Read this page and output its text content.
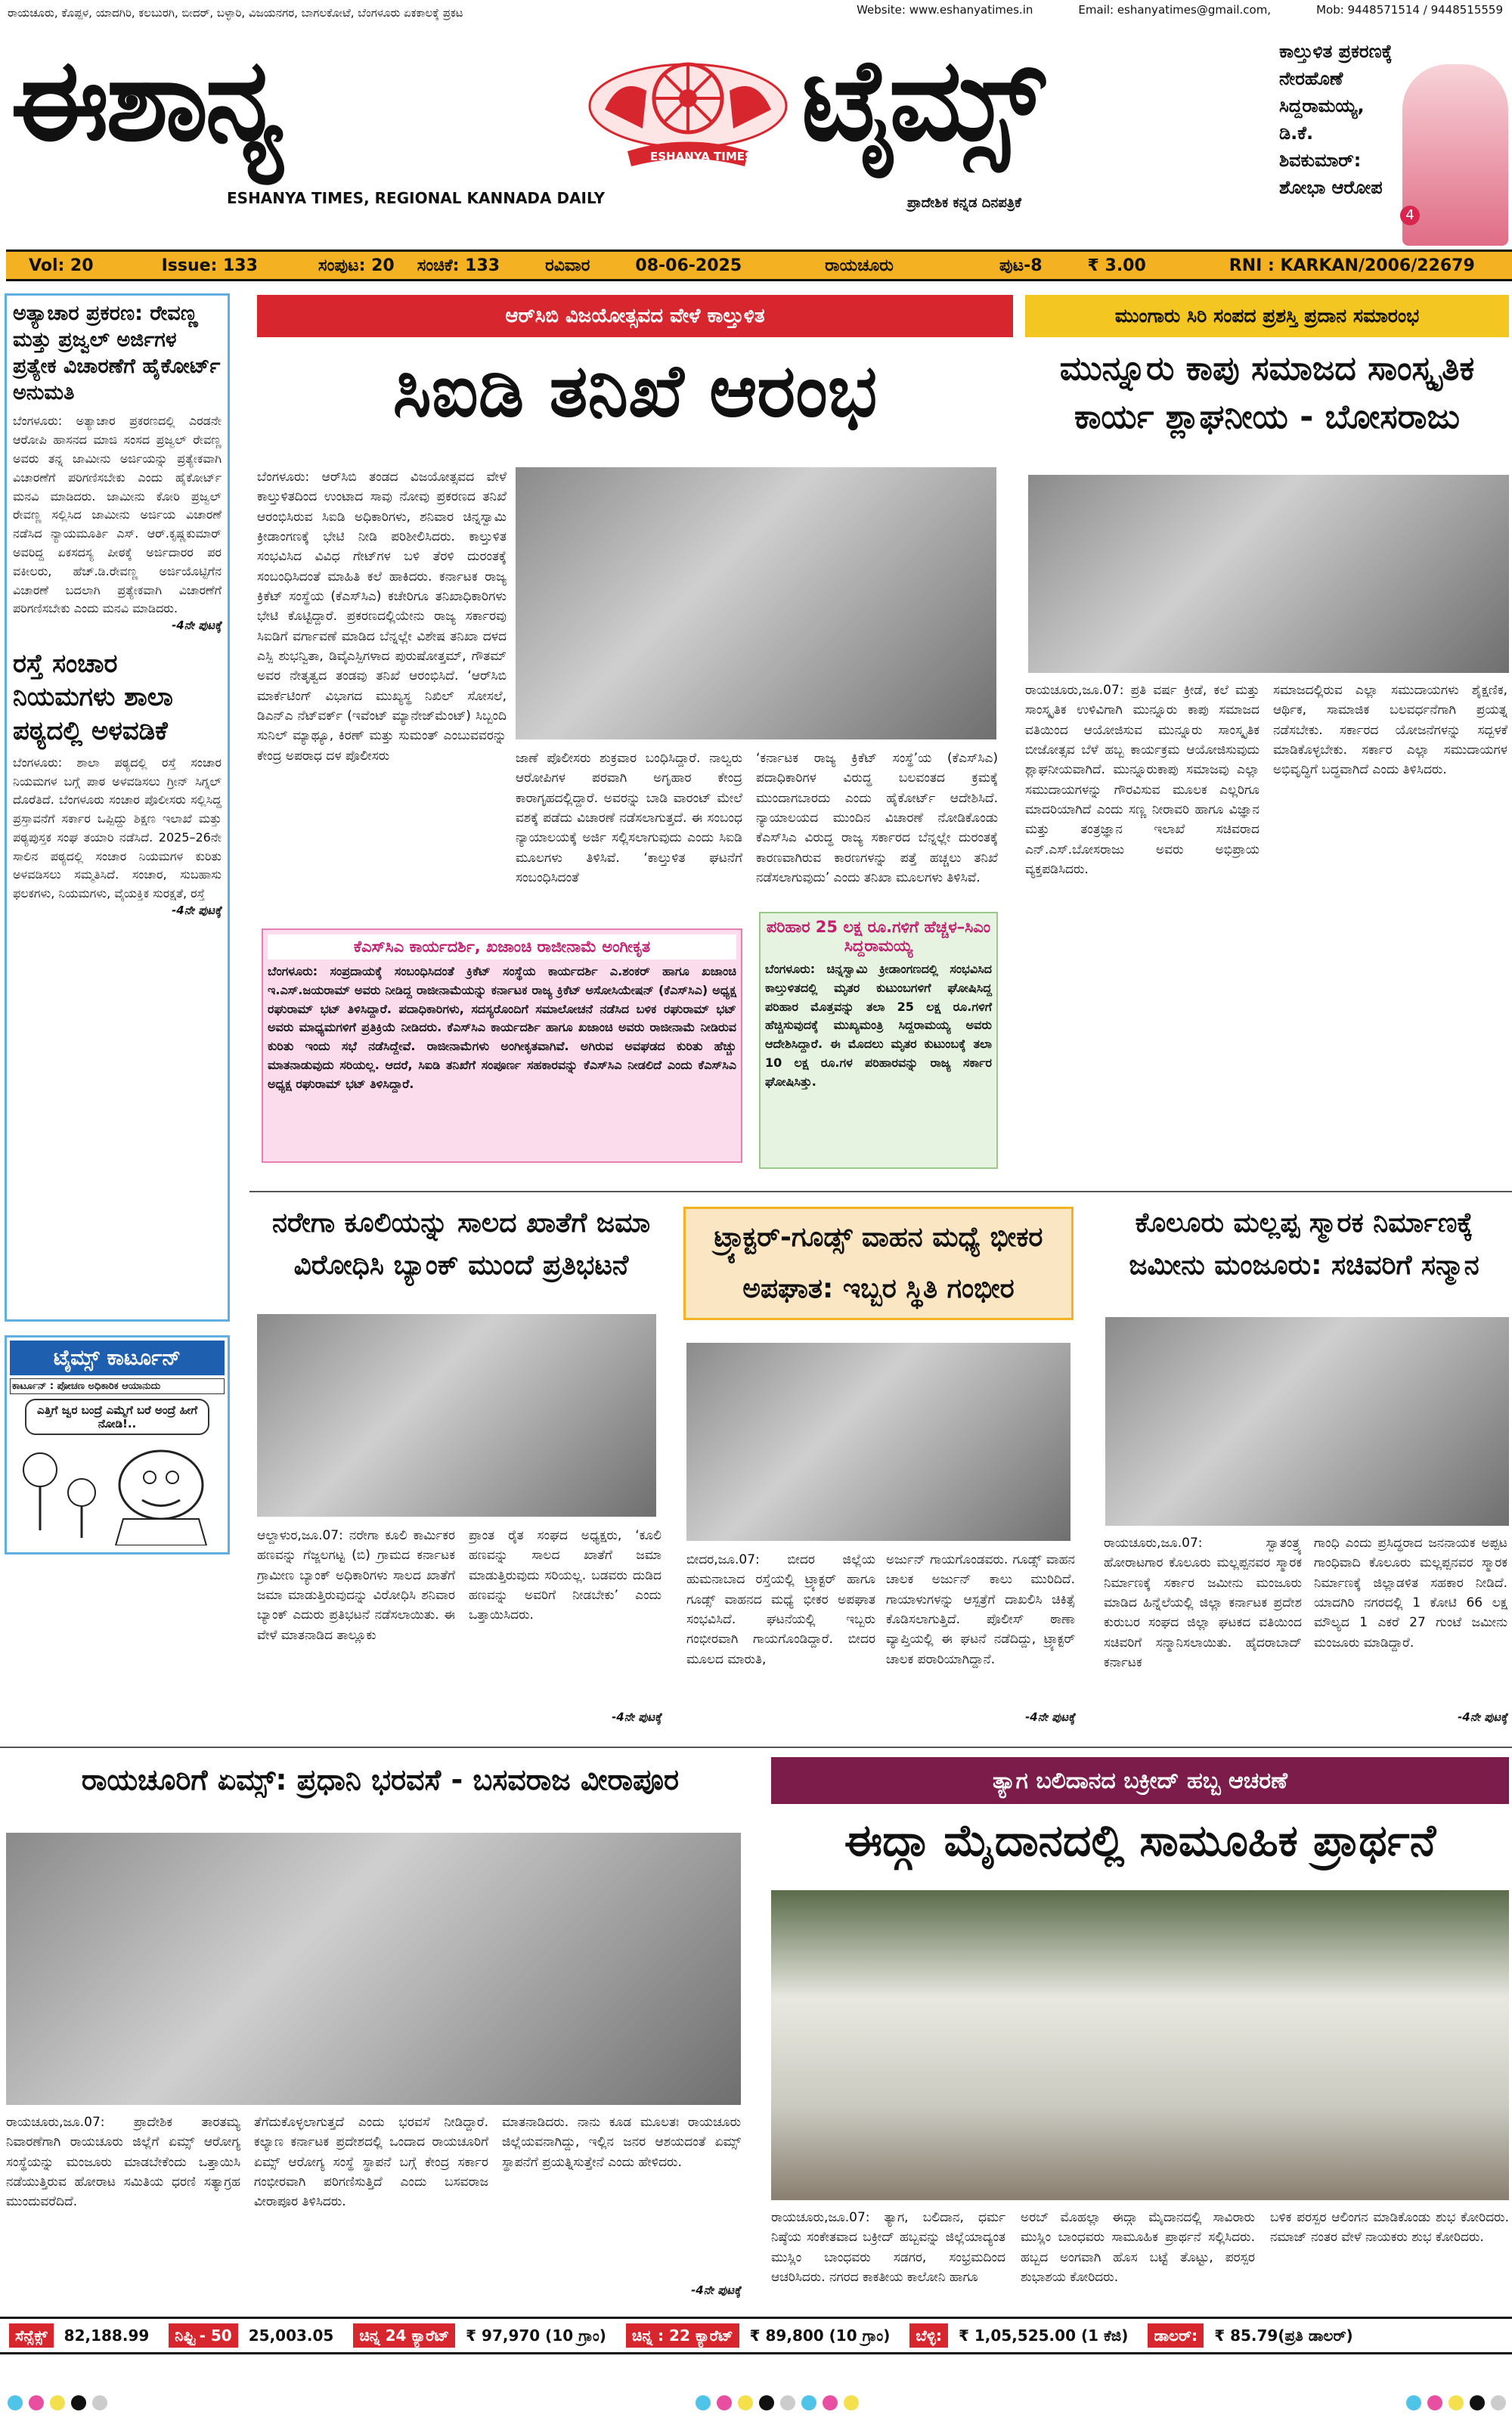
ರಾಯಚೂರು, ಕೊಪ್ಪಳ, ಯಾದಗಿರಿ, ಕಲಬುರಗಿ, ಬೀದರ್, ಬಳ್ಳಾರಿ, ವಿಜಯನಗರ, ಬಾಗಲಕೋಟೆ, ಬೆಂಗಳೂರು ಏಕಕಾಲಕ್ಕೆ ಪ್ರಕಟ	Website: www.eshanyatimes.in	Email: eshanyatimes@gmail.com,	Mob: 9448571514 / 9448515559
ಈಶಾನ್ಯ	ESHANYA TIMES ಟೈಮ್ಸ್
ESHANYA TIMES, REGIONAL KANNADA DAILY	ಪ್ರಾದೇಶಿಕ ಕನ್ನಡ ದಿನಪತ್ರಿಕೆ
ಕಾಲ್ತುಳಿತ ಪ್ರಕರಣಕ್ಕೆ ನೇರಹೊಣೆ ಸಿದ್ದರಾಮಯ್ಯ, ಡಿ.ಕೆ. ಶಿವಕುಮಾರ್: ಶೋಭಾ ಆರೋಪ
4
Vol: 20	Issue: 133	ಸಂಪುಟ: 20 ಸಂಚಿಕೆ: 133	ರವಿವಾರ	08-06-2025	ರಾಯಚೂರು	ಪುಟ-8	₹ 3.00	RNI : KARKAN/2006/22679
ಅತ್ಯಾಚಾರ ಪ್ರಕರಣ: ರೇವಣ್ಣ ಮತ್ತು ಪ್ರಜ್ವಲ್ ಅರ್ಜಿಗಳ ಪ್ರತ್ಯೇಕ ವಿಚಾರಣೆಗೆ ಹೈಕೋರ್ಟ್ ಅನುಮತಿ
ಬೆಂಗಳೂರು: ಅತ್ಯಾಚಾರ ಪ್ರಕರಣದಲ್ಲಿ ಎರಡನೇ ಆರೋಪಿ ಹಾಸನದ ಮಾಜಿ ಸಂಸದ ಪ್ರಜ್ವಲ್ ರೇವಣ್ಣ ಅವರು ತನ್ನ ಜಾಮೀನು ಅರ್ಜಿಯನ್ನು ಪ್ರತ್ಯೇಕವಾಗಿ ವಿಚಾರಣೆಗೆ ಪರಿಗಣಿಸಬೇಕು ಎಂದು ಹೈಕೋರ್ಟ್ ಮನವಿ ಮಾಡಿದರು. ಜಾಮೀನು ಕೋರಿ ಪ್ರಜ್ವಲ್ ರೇವಣ್ಣ ಸಲ್ಲಿಸಿದ ಜಾಮೀನು ಅರ್ಜಿಯ ವಿಚಾರಣೆ ನಡೆಸಿದ ನ್ಯಾಯಮೂರ್ತಿ ಎಸ್. ಆರ್.ಕೃಷ್ಣಕುಮಾರ್ ಅವರಿದ್ದ ಏಕಸದಸ್ಯ ಪೀಠಕ್ಕೆ ಅರ್ಜಿದಾರರ ಪರ ವಕೀಲರು, ಹೆಚ್.ಡಿ.ರೇವಣ್ಣ ಅರ್ಜಿಯೊಟ್ಟಿಗೆನ ವಿಚಾರಣೆ ಬದಲಾಗಿ ಪ್ರತ್ಯೇಕವಾಗಿ ವಿಚಾರಣೆಗೆ ಪರಿಗಣಿಸಬೇಕು ಎಂದು ಮನವಿ ಮಾಡಿದರು.
-4ನೇ ಪುಟಕ್ಕೆ
ರಸ್ತೆ ಸಂಚಾರ ನಿಯಮಗಳು ಶಾಲಾ ಪಠ್ಯದಲ್ಲಿ ಅಳವಡಿಕೆ
ಬೆಂಗಳೂರು: ಶಾಲಾ ಪಠ್ಯದಲ್ಲಿ ರಸ್ತೆ ಸಂಚಾರ ನಿಯಮಗಳ ಬಗ್ಗೆ ಪಾಠ ಅಳವಡಿಸಲು ಗ್ರೀನ್ ಸಿಗ್ನಲ್ ದೊರೆತಿದೆ. ಬೆಂಗಳೂರು ಸಂಚಾರ ಪೊಲೀಸರು ಸಲ್ಲಿಸಿದ್ದ ಪ್ರಸ್ತಾವನೆಗೆ ಸರ್ಕಾರ ಒಪ್ಪಿದ್ದು ಶಿಕ್ಷಣ ಇಲಾಖೆ ಮತ್ತು ಪಠ್ಯಪುಸ್ತಕ ಸಂಘ ತಯಾರಿ ನಡೆಸಿದೆ. 2025–26ನೇ ಸಾಲಿನ ಪಠ್ಯದಲ್ಲಿ ಸಂಚಾರ ನಿಯಮಗಳ ಕುರಿತು ಅಳವಡಿಸಲು ಸಮ್ಮತಿಸಿದೆ. ಸಂಚಾರ, ಸುಬಹಾಸು ಫಲಕಗಳು, ನಿಯಮಗಳು, ವೈಯಕ್ತಿಕ ಸುರಕ್ಷತೆ, ರಸ್ತೆ
-4ನೇ ಪುಟಕ್ಕೆ
ಟೈಮ್ಸ್ ಕಾರ್ಟೂನ್
ಕಾರ್ಟೂನ್ : ಪೋಚಣ ಅಧಿಕಾರಿಕ ಆಯಾನುದು
ಎತ್ತಿಗೆ ಜ್ವರ ಬಂದ್ರೆ ಎಮ್ಮೆಗೆ ಬರೆ ಅಂದ್ರೆ ಹೀಗೆ ನೋಡಿ!..
ಆರ್‌ಸಿಬಿ ವಿಜಯೋತ್ಸವದ ವೇಳೆ ಕಾಲ್ತುಳಿತ
ಸಿಐಡಿ ತನಿಖೆ ಆರಂಭ
ಬೆಂಗಳೂರು: ಆರ್‌ಸಿಬಿ ತಂಡದ ವಿಜಯೋತ್ಸವದ ವೇಳೆ ಕಾಲ್ತುಳಿತದಿಂದ ಉಂಟಾದ ಸಾವು ನೋವು ಪ್ರಕರಣದ ತನಿಖೆ ಆರಂಭಿಸಿರುವ ಸಿಐಡಿ ಅಧಿಕಾರಿಗಳು, ಶನಿವಾರ ಚಿನ್ನಸ್ವಾಮಿ ಕ್ರೀಡಾಂಗಣಕ್ಕೆ ಭೇಟಿ ನೀಡಿ ಪರಿಶೀಲಿಸಿದರು. ಕಾಲ್ತುಳಿತ ಸಂಭವಿಸಿದ ವಿವಿಧ ಗೇಟ್‌ಗಳ ಬಳಿ ತೆರಳಿ ದುರಂತಕ್ಕೆ ಸಂಬಂಧಿಸಿದಂತೆ ಮಾಹಿತಿ ಕಲೆ ಹಾಕಿದರು. ಕರ್ನಾಟಕ ರಾಜ್ಯ ಕ್ರಿಕೆಟ್ ಸಂಸ್ಥೆಯ (ಕೆಎಸ್‌ಸಿಎ) ಕಚೇರಿಗೂ ತನಿಖಾಧಿಕಾರಿಗಳು ಭೇಟಿ ಕೊಟ್ಟಿದ್ದಾರೆ. ಪ್ರಕರಣದಲ್ಲಿಯೇನು ರಾಜ್ಯ ಸರ್ಕಾರವು ಸಿಐಡಿಗೆ ವರ್ಗಾವಣೆ ಮಾಡಿದ ಬೆನ್ನಲ್ಲೇ ವಿಶೇಷ ತನಿಖಾ ದಳದ ಎಸ್ಪಿ ಶುಭನ್ವಿತಾ, ಡಿವೈಎಸ್ಪಿಗಳಾದ ಪುರುಷೋತ್ತಮ್, ಗೌತಮ್ ಅವರ ನೇತೃತ್ವದ ತಂಡವು ತನಿಖೆ ಆರಂಭಿಸಿದೆ. ‘ಆರ್‌ಸಿಬಿ ಮಾರ್ಕೆಟಿಂಗ್ ವಿಭಾಗದ ಮುಖ್ಯಸ್ಥ ನಿಖಿಲ್ ಸೋಸಲೆ, ಡಿಎನ್ಎ ನೆಟ್‌ವರ್ಕ್ (ಇವೆಂಟ್ ಮ್ಯಾನೇಜ್‌ಮೆಂಟ್) ಸಿಬ್ಬಂದಿ ಸುನಿಲ್ ಮ್ಯಾಥ್ಯೂ, ಕಿರಣ್ ಮತ್ತು ಸುಮಂತ್ ಎಂಬುವವರನ್ನು ಕೇಂದ್ರ ಅಪರಾಧ ದಳ ಪೊಲೀಸರು	ಜಾಣೆ ಪೊಲೀಸರು ಶುಕ್ರವಾರ ಬಂಧಿಸಿದ್ದಾರೆ. ನಾಲ್ವರು ಆರೋಪಿಗಳ ಪರವಾಗಿ ಅಗೃಹಾರ ಕೇಂದ್ರ ಕಾರಾಗೃಹದಲ್ಲಿದ್ದಾರೆ. ಅವರನ್ನು ಬಾಡಿ ವಾರಂಟ್ ಮೇಲೆ ವಶಕ್ಕೆ ಪಡೆದು ವಿಚಾರಣೆ ನಡೆಸಲಾಗುತ್ತದೆ. ಈ ಸಂಬಂಧ ನ್ಯಾಯಾಲಯಕ್ಕೆ ಅರ್ಜಿ ಸಲ್ಲಿಸಲಾಗುವುದು ಎಂದು ಸಿಐಡಿ ಮೂಲಗಳು ತಿಳಿಸಿವೆ. ‘ಕಾಲ್ತುಳಿತ ಘಟನೆಗೆ ಸಂಬಂಧಿಸಿದಂತೆ
‘ಕರ್ನಾಟಕ ರಾಜ್ಯ ಕ್ರಿಕೆಟ್ ಸಂಸ್ಥೆ’ಯ (ಕೆಎಸ್‌ಸಿಎ) ಪದಾಧಿಕಾರಿಗಳ ವಿರುದ್ಧ ಬಲವಂತದ ಕ್ರಮಕ್ಕೆ ಮುಂದಾಗಬಾರದು ಎಂದು ಹೈಕೋರ್ಟ್ ಆದೇಶಿಸಿದೆ. ನ್ಯಾಯಾಲಯದ ಮುಂದಿನ ವಿಚಾರಣೆ ನೋಡಿಕೊಂಡು ಕೆಎಸ್‌ಸಿಎ ವಿರುದ್ಧ ರಾಜ್ಯ ಸರ್ಕಾರದ ಬೆನ್ನಲ್ಲೇ ದುರಂತಕ್ಕೆ ಕಾರಣವಾಗಿರುವ ಕಾರಣಗಳನ್ನು ಪತ್ತೆ ಹಚ್ಚಲು ತನಿಖೆ ನಡೆಸಲಾಗುವುದು’ ಎಂದು ತನಿಖಾ ಮೂಲಗಳು ತಿಳಿಸಿವೆ.
ಕೆಎಸ್‌ಸಿಎ ಕಾರ್ಯದರ್ಶಿ, ಖಜಾಂಚಿ ರಾಜೀನಾಮೆ ಅಂಗೀಕೃತ
ಬೆಂಗಳೂರು: ಸಂಪ್ರದಾಯಕ್ಕೆ ಸಂಬಂಧಿಸಿದಂತೆ ಕ್ರಿಕೆಟ್ ಸಂಸ್ಥೆಯ ಕಾರ್ಯದರ್ಶಿ ಎ.ಶಂಕರ್ ಹಾಗೂ ಖಜಾಂಚಿ ಇ.ಎಸ್.ಜಯರಾಮ್ ಅವರು ನೀಡಿದ್ದ ರಾಜೀನಾಮೆಯನ್ನು ಕರ್ನಾಟಕ ರಾಜ್ಯ ಕ್ರಿಕೆಟ್ ಅಸೋಸಿಯೇಷನ್ (ಕೆಎಸ್‌ಸಿಎ) ಅಧ್ಯಕ್ಷ ರಘುರಾಮ್ ಭಟ್ ತಿಳಿಸಿದ್ದಾರೆ. ಪದಾಧಿಕಾರಿಗಳು, ಸದಸ್ಯರೊಂದಿಗೆ ಸಮಾಲೋಚನೆ ನಡೆಸಿದ ಬಳಿಕ ರಘುರಾಮ್ ಭಟ್ ಅವರು ಮಾಧ್ಯಮಗಳಿಗೆ ಪ್ರತಿಕ್ರಿಯೆ ನೀಡಿದರು. ಕೆಎಸ್‌ಸಿಎ ಕಾರ್ಯದರ್ಶಿ ಹಾಗೂ ಖಜಾಂಚಿ ಅವರು ರಾಜೀನಾಮೆ ನೀಡಿರುವ ಕುರಿತು ಇಂದು ಸಭೆ ನಡೆಸಿದ್ದೇವೆ. ರಾಜೀನಾಮೆಗಳು ಅಂಗೀಕೃತವಾಗಿವೆ. ಅಗಿರುವ ಅವಘಡದ ಕುರಿತು ಹೆಚ್ಚು ಮಾತನಾಡುವುದು ಸರಿಯಲ್ಲ. ಆದರೆ, ಸಿಐಡಿ ತನಿಖೆಗೆ ಸಂಪೂರ್ಣ ಸಹಕಾರವನ್ನು ಕೆಎಸ್‌ಸಿಎ ನೀಡಲಿದೆ ಎಂದು ಕೆಎಸ್‌ಸಿಎ ಅಧ್ಯಕ್ಷ ರಘುರಾಮ್ ಭಟ್ ತಿಳಿಸಿದ್ದಾರೆ.
ಪರಿಹಾರ 25 ಲಕ್ಷ ರೂ.ಗಳಿಗೆ ಹೆಚ್ಚಳ–ಸಿಎಂ ಸಿದ್ದರಾಮಯ್ಯ
ಬೆಂಗಳೂರು: ಚಿನ್ನಸ್ವಾಮಿ ಕ್ರೀಡಾಂಗಣದಲ್ಲಿ ಸಂಭವಿಸಿದ ಕಾಲ್ತುಳಿತದಲ್ಲಿ ಮೃತರ ಕುಟುಂಬಗಳಿಗೆ ಘೋಷಿಸಿದ್ದ ಪರಿಹಾರ ಮೊತ್ತವನ್ನು ತಲಾ 25 ಲಕ್ಷ ರೂ.ಗಳಿಗೆ ಹೆಚ್ಚಿಸುವುದಕ್ಕೆ ಮುಖ್ಯಮಂತ್ರಿ ಸಿದ್ದರಾಮಯ್ಯ ಅವರು ಆದೇಶಿಸಿದ್ದಾರೆ. ಈ ಮೊದಲು ಮೃತರ ಕುಟುಂಬಕ್ಕೆ ತಲಾ 10 ಲಕ್ಷ ರೂ.ಗಳ ಪರಿಹಾರವನ್ನು ರಾಜ್ಯ ಸರ್ಕಾರ ಘೋಷಿಸಿತ್ತು.
ಮುಂಗಾರು ಸಿರಿ ಸಂಪದ ಪ್ರಶಸ್ತಿ ಪ್ರದಾನ ಸಮಾರಂಭ
ಮುನ್ನೂರು ಕಾಪು ಸಮಾಜದ ಸಾಂಸ್ಕೃತಿಕ ಕಾರ್ಯ ಶ್ಲಾಘನೀಯ - ಬೋಸರಾಜು
ರಾಯಚೂರು,ಜೂ.07: ಪ್ರತಿ ವರ್ಷ ಕ್ರೀಡೆ, ಕಲೆ ಮತ್ತು ಸಾಂಸ್ಕೃತಿಕ ಉಳಿವಿಗಾಗಿ ಮುನ್ನೂರು ಕಾಪು ಸಮಾಜದ ವತಿಯಿಂದ ಆಯೋಜಿಸುವ ಮುನ್ನೂರು ಸಾಂಸ್ಕೃತಿಕ ಬೀಜೋತ್ಸವ ಬೆಳೆ ಹಬ್ಬ ಕಾರ್ಯಕ್ರಮ ಆಯೋಜಿಸುವುದು ಶ್ಲಾಘನೀಯವಾಗಿದೆ. ಮುನ್ನೂರುಕಾಪು ಸಮಾಜವು ಎಲ್ಲಾ ಸಮುದಾಯಗಳನ್ನು ಗೌರವಿಸುವ ಮೂಲಕ ಎಲ್ಲರಿಗೂ ಮಾದರಿಯಾಗಿದೆ ಎಂದು ಸಣ್ಣ ನೀರಾವರಿ ಹಾಗೂ ವಿಜ್ಞಾನ ಮತ್ತು ತಂತ್ರಜ್ಞಾನ ಇಲಾಖೆ ಸಚಿವರಾದ ಎನ್.ಎಸ್.ಬೋಸರಾಜು ಅವರು ಅಭಿಪ್ರಾಯ ವ್ಯಕ್ತಪಡಿಸಿದರು.
ಸಮಾಜದಲ್ಲಿರುವ ಎಲ್ಲಾ ಸಮುದಾಯಗಳು ಶೈಕ್ಷಣಿಕ, ಆರ್ಥಿಕ, ಸಾಮಾಜಿಕ ಬಲವರ್ಧನೆಗಾಗಿ ಪ್ರಯತ್ನ ನಡೆಸಬೇಕು. ಸರ್ಕಾರದ ಯೋಜನೆಗಳನ್ನು ಸದ್ಬಳಕೆ ಮಾಡಿಕೊಳ್ಳಬೇಕು. ಸರ್ಕಾರ ಎಲ್ಲಾ ಸಮುದಾಯಗಳ ಅಭಿವೃದ್ಧಿಗೆ ಬದ್ಧವಾಗಿದೆ ಎಂದು ತಿಳಿಸಿದರು.
ನರೇಗಾ ಕೂಲಿಯನ್ನು ಸಾಲದ ಖಾತೆಗೆ ಜಮಾ ವಿರೋಧಿಸಿ ಬ್ಯಾಂಕ್ ಮುಂದೆ ಪ್ರತಿಭಟನೆ
ಆಲ್ದಾಳುರ,ಜೂ.07: ನರೇಗಾ ಕೂಲಿ ಕಾರ್ಮಿಕರ ಹಣವನ್ನು ಗೆಜ್ಜಲಗಟ್ಟ (ಬಿ) ಗ್ರಾಮದ ಕರ್ನಾಟಕ ಗ್ರಾಮೀಣ ಬ್ಯಾಂಕ್ ಅಧಿಕಾರಿಗಳು ಸಾಲದ ಖಾತೆಗೆ ಜಮಾ ಮಾಡುತ್ತಿರುವುದನ್ನು ವಿರೋಧಿಸಿ ಶನಿವಾರ ಬ್ಯಾಂಕ್ ಎದುರು ಪ್ರತಿಭಟನೆ ನಡೆಸಲಾಯಿತು. ಈ ವೇಳೆ ಮಾತನಾಡಿದ ತಾಲ್ಲೂಕು
ಪ್ರಾಂತ ರೈತ ಸಂಘದ ಅಧ್ಯಕ್ಷರು, ‘ಕೂಲಿ ಹಣವನ್ನು ಸಾಲದ ಖಾತೆಗೆ ಜಮಾ ಮಾಡುತ್ತಿರುವುದು ಸರಿಯಲ್ಲ. ಬಡವರು ದುಡಿದ ಹಣವನ್ನು ಅವರಿಗೆ ನೀಡಬೇಕು’ ಎಂದು ಒತ್ತಾಯಿಸಿದರು.
-4ನೇ ಪುಟಕ್ಕೆ
ಟ್ರ್ಯಾಕ್ಟರ್-ಗೂಡ್ಸ್ ವಾಹನ ಮಧ್ಯೆ ಭೀಕರ ಅಪಘಾತ: ಇಬ್ಬರ ಸ್ಥಿತಿ ಗಂಭೀರ
ಬೀದರ,ಜೂ.07: ಬೀದರ ಜಿಲ್ಲೆಯ ಹುಮನಾಬಾದ ರಸ್ತೆಯಲ್ಲಿ ಟ್ರ್ಯಾಕ್ಟರ್ ಹಾಗೂ ಗೂಡ್ಸ್ ವಾಹನದ ಮಧ್ಯೆ ಭೀಕರ ಅಪಘಾತ ಸಂಭವಿಸಿದೆ. ಘಟನೆಯಲ್ಲಿ ಇಬ್ಬರು ಗಂಭೀರವಾಗಿ ಗಾಯಗೊಂಡಿದ್ದಾರೆ. ಬೀದರ ಮೂಲದ ಮಾರುತಿ,
ಅರ್ಜುನ್ ಗಾಯಗೊಂಡವರು. ಗೂಡ್ಸ್ ವಾಹನ ಚಾಲಕ ಅರ್ಜುನ್ ಕಾಲು ಮುರಿದಿದೆ. ಗಾಯಾಳುಗಳನ್ನು ಆಸ್ಪತ್ರೆಗೆ ದಾಖಲಿಸಿ ಚಿಕಿತ್ಸೆ ಕೊಡಿಸಲಾಗುತ್ತಿದೆ. ಪೊಲೀಸ್ ಠಾಣಾ ವ್ಯಾಪ್ತಿಯಲ್ಲಿ ಈ ಘಟನೆ ನಡೆದಿದ್ದು, ಟ್ರ್ಯಾಕ್ಟರ್ ಚಾಲಕ ಪರಾರಿಯಾಗಿದ್ದಾನೆ.
-4ನೇ ಪುಟಕ್ಕೆ
ಕೊಲೂರು ಮಲ್ಲಪ್ಪ ಸ್ಮಾರಕ ನಿರ್ಮಾಣಕ್ಕೆ ಜಮೀನು ಮಂಜೂರು: ಸಚಿವರಿಗೆ ಸನ್ಮಾನ
ರಾಯಚೂರು,ಜೂ.07: ಸ್ವಾತಂತ್ರ್ಯ ಹೋರಾಟಗಾರ ಕೊಲೂರು ಮಲ್ಲಪ್ಪನವರ ಸ್ಮಾರಕ ನಿರ್ಮಾಣಕ್ಕೆ ಸರ್ಕಾರ ಜಮೀನು ಮಂಜೂರು ಮಾಡಿದ ಹಿನ್ನೆಲೆಯಲ್ಲಿ ಜಿಲ್ಲಾ ಕರ್ನಾಟಕ ಪ್ರದೇಶ ಕುರುಬರ ಸಂಘದ ಜಿಲ್ಲಾ ಘಟಕದ ವತಿಯಿಂದ ಸಚಿವರಿಗೆ ಸನ್ಮಾನಿಸಲಾಯಿತು. ಹೈದರಾಬಾದ್ ಕರ್ನಾಟಕ
ಗಾಂಧಿ ಎಂದು ಪ್ರಸಿದ್ಧರಾದ ಜನನಾಯಕ ಅಪ್ಪಟ ಗಾಂಧಿವಾದಿ ಕೊಲೂರು ಮಲ್ಲಪ್ಪನವರ ಸ್ಮಾರಕ ನಿರ್ಮಾಣಕ್ಕೆ ಜಿಲ್ಲಾಡಳಿತ ಸಹಕಾರ ನೀಡಿದೆ. ಯಾದಗಿರಿ ನಗರದಲ್ಲಿ 1 ಕೋಟಿ 66 ಲಕ್ಷ ಮೌಲ್ಯದ 1 ಎಕರೆ 27 ಗುಂಟೆ ಜಮೀನು ಮಂಜೂರು ಮಾಡಿದ್ದಾರೆ.
-4ನೇ ಪುಟಕ್ಕೆ
ರಾಯಚೂರಿಗೆ ಏಮ್ಸ್: ಪ್ರಧಾನಿ ಭರವಸೆ - ಬಸವರಾಜ ವೀರಾಪೂರ
ರಾಯಚೂರು,ಜೂ.07: ಪ್ರಾದೇಶಿಕ ತಾರತಮ್ಯ ನಿವಾರಣೆಗಾಗಿ ರಾಯಚೂರು ಜಿಲ್ಲೆಗೆ ಏಮ್ಸ್ ಆರೋಗ್ಯ ಸಂಸ್ಥೆಯನ್ನು ಮಂಜೂರು ಮಾಡಬೇಕೆಂದು ಒತ್ತಾಯಿಸಿ ನಡೆಯುತ್ತಿರುವ ಹೋರಾಟ ಸಮಿತಿಯ ಧರಣಿ ಸತ್ಯಾಗ್ರಹ ಮುಂದುವರೆದಿದೆ.
ತೆಗೆದುಕೊಳ್ಳಲಾಗುತ್ತದೆ ಎಂದು ಭರವಸೆ ನೀಡಿದ್ದಾರೆ. ಕಲ್ಯಾಣ ಕರ್ನಾಟಕ ಪ್ರದೇಶದಲ್ಲಿ ಒಂದಾದ ರಾಯಚೂರಿಗೆ ಏಮ್ಸ್ ಆರೋಗ್ಯ ಸಂಸ್ಥೆ ಸ್ಥಾಪನೆ ಬಗ್ಗೆ ಕೇಂದ್ರ ಸರ್ಕಾರ ಗಂಭೀರವಾಗಿ ಪರಿಗಣಿಸುತ್ತಿದೆ ಎಂದು ಬಸವರಾಜ ವೀರಾಪೂರ ತಿಳಿಸಿದರು.
ಮಾತನಾಡಿದರು. ನಾನು ಕೂಡ ಮೂಲತಃ ರಾಯಚೂರು ಜಿಲ್ಲೆಯವನಾಗಿದ್ದು, ಇಲ್ಲಿನ ಜನರ ಆಶಯದಂತೆ ಏಮ್ಸ್ ಸ್ಥಾಪನೆಗೆ ಪ್ರಯತ್ನಿಸುತ್ತೇನೆ ಎಂದು ಹೇಳಿದರು.
-4ನೇ ಪುಟಕ್ಕೆ
ತ್ಯಾಗ ಬಲಿದಾನದ ಬಕ್ರೀದ್ ಹಬ್ಬ ಆಚರಣೆ
ಈದ್ಗಾ ಮೈದಾನದಲ್ಲಿ ಸಾಮೂಹಿಕ ಪ್ರಾರ್ಥನೆ
ರಾಯಚೂರು,ಜೂ.07: ತ್ಯಾಗ, ಬಲಿದಾನ, ಧರ್ಮ ನಿಷ್ಠೆಯ ಸಂಕೇತವಾದ ಬಕ್ರೀದ್ ಹಬ್ಬವನ್ನು ಜಿಲ್ಲೆಯಾದ್ಯಂತ ಮುಸ್ಲಿಂ ಬಾಂಧವರು ಸಡಗರ, ಸಂಭ್ರಮದಿಂದ ಆಚರಿಸಿದರು. ನಗರದ ಕಾಕತೀಯ ಕಾಲೋನಿ ಹಾಗೂ
ಅರಬ್ ಮೊಹಲ್ಲಾ ಈದ್ಗಾ ಮೈದಾನದಲ್ಲಿ ಸಾವಿರಾರು ಮುಸ್ಲಿಂ ಬಾಂಧವರು ಸಾಮೂಹಿಕ ಪ್ರಾರ್ಥನೆ ಸಲ್ಲಿಸಿದರು. ಹಬ್ಬದ ಅಂಗವಾಗಿ ಹೊಸ ಬಟ್ಟೆ ತೊಟ್ಟು, ಪರಸ್ಪರ ಶುಭಾಶಯ ಕೋರಿದರು.
ಬಳಿಕ ಪರಸ್ಪರ ಆಲಿಂಗನ ಮಾಡಿಕೊಂಡು ಶುಭ ಕೋರಿದರು. ನಮಾಜ್ ನಂತರ ವೇಳೆ ನಾಯಕರು ಶುಭ ಕೋರಿದರು.
ಸೆನ್ಸೆಕ್ಸ್	82,188.99	ನಿಫ್ಟಿ - 50	25,003.05	ಚಿನ್ನ 24 ಕ್ಯಾರೆಟ್	₹ 97,970 (10 ಗ್ರಾಂ)	ಚಿನ್ನ : 22 ಕ್ಯಾರೆಟ್	₹ 89,800 (10 ಗ್ರಾಂ)	ಬೆಳ್ಳಿ:	₹ 1,05,525.00 (1 ಕೆಜಿ)	ಡಾಲರ್:	₹ 85.79(ಪ್ರತಿ ಡಾಲರ್)
